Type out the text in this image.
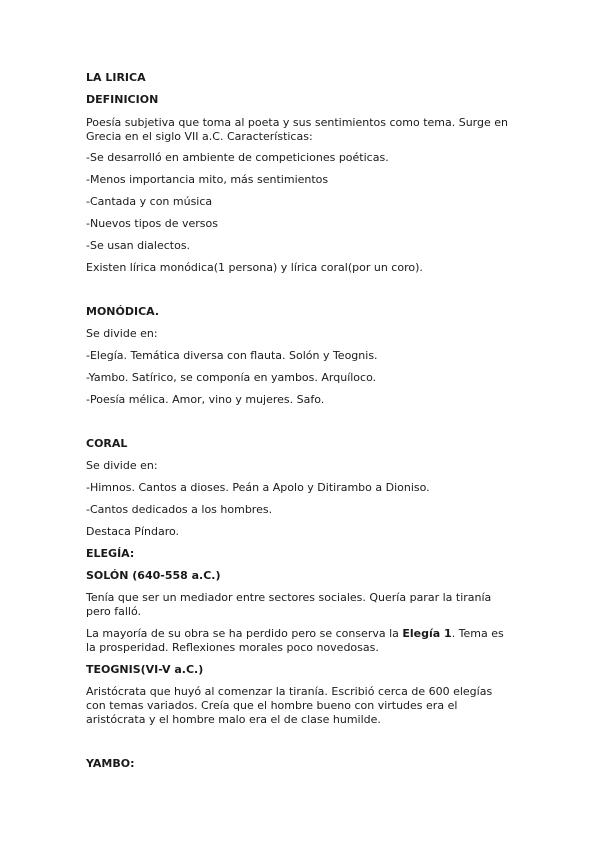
LA LIRICA

DEFINICION

Poesía subjetiva que toma al poeta y sus sentimientos como tema. Surge en

Grecia en el siglo VII a.C. Características:

-Se desarrolló en ambiente de competiciones poéticas.

-Menos importancia mito, más sentimientos

-Cantada y con música

-Nuevos tipos de versos

-Se usan dialectos.

Existen lírica monódica(1 persona) y lírica coral(por un coro).

MONÓDICA.

Se divide en:

-Elegía. Temática diversa con flauta. Solón y Teognis.

-Yambo. Satírico, se componía en yambos. Arquíloco.

-Poesía mélica. Amor, vino y mujeres. Safo.

CORAL

Se divide en:

-Himnos. Cantos a dioses. Peán a Apolo y Ditirambo a Dioniso.

-Cantos dedicados a los hombres.

Destaca Píndaro.

ELEGÍA:

SOLÓN (640-558 a.C.)

Tenía que ser un mediador entre sectores sociales. Quería parar la tiranía

pero falló.

La mayoría de su obra se ha perdido pero se conserva la Elegía 1. Tema es

la prosperidad. Reflexiones morales poco novedosas.

TEOGNIS(VI-V a.C.)

Aristócrata que huyó al comenzar la tiranía. Escribió cerca de 600 elegías

con temas variados. Creía que el hombre bueno con virtudes era el

aristócrata y el hombre malo era el de clase humilde.

YAMBO:
